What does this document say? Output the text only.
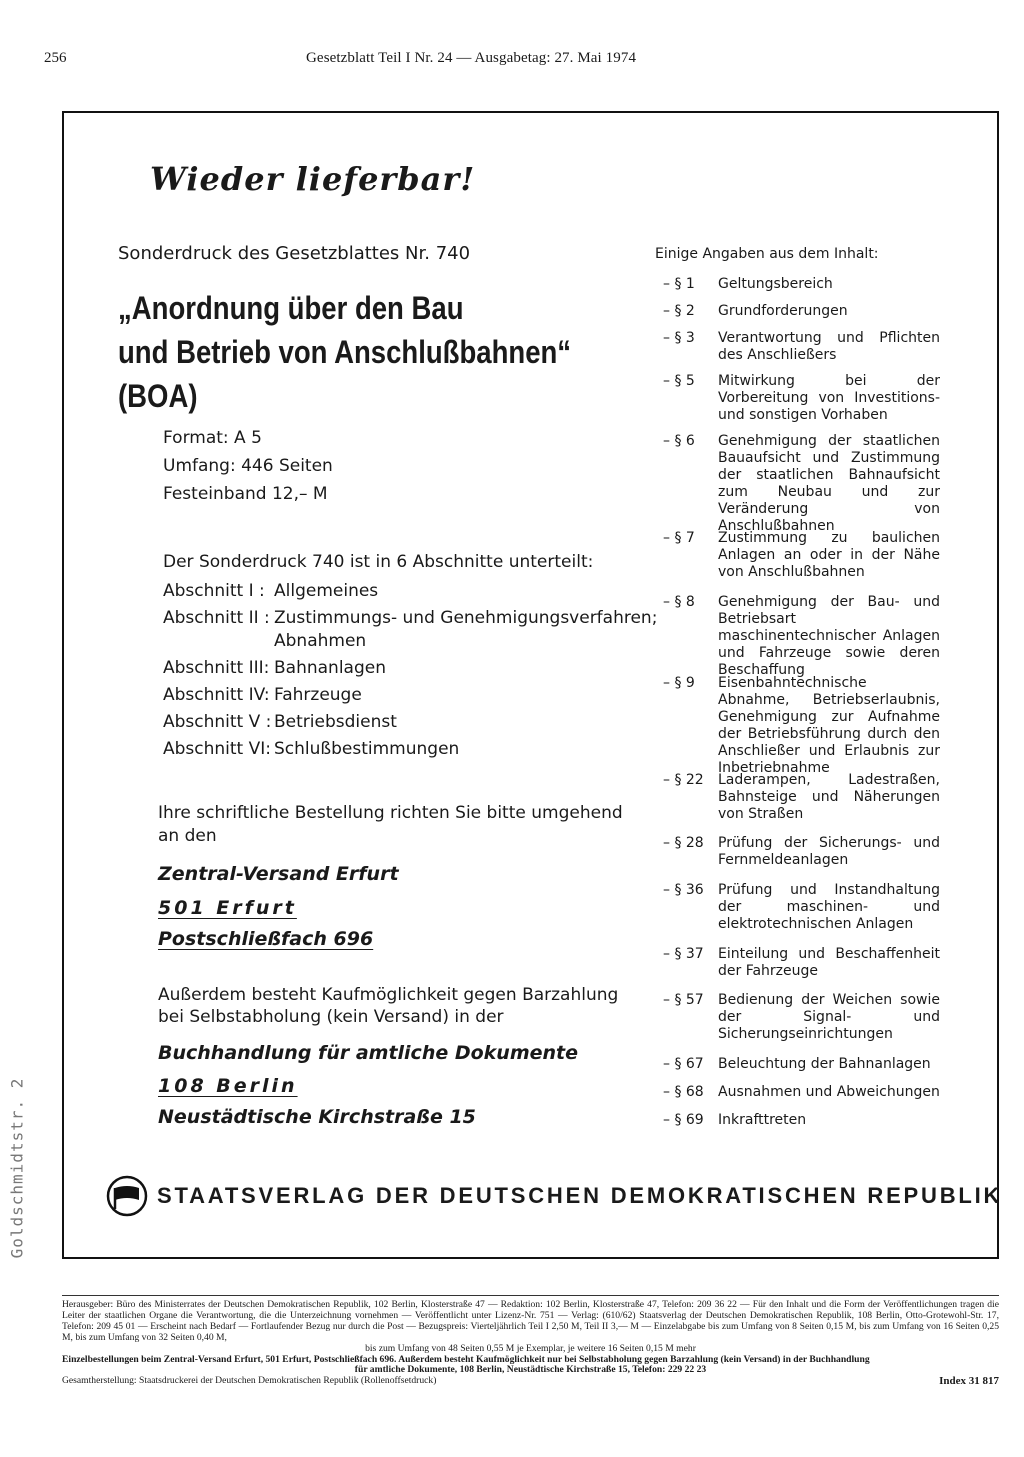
256	Gesetzblatt Teil I Nr. 24 — Ausgabetag: 27. Mai 1974
Wieder lieferbar!
Sonderdruck des Gesetzblattes Nr. 740
„Anordnung über den Bau
und Betrieb von Anschlußbahnen“
(BOA)
Format: A 5
Umfang: 446 Seiten
Festeinband 12,– M
Der Sonderdruck 740 ist in 6 Abschnitte unterteilt:
Abschnitt I : Allgemeines
Abschnitt II : Zustimmungs- und Genehmigungsverfahren;
Abnahmen
Abschnitt III: Bahnanlagen
Abschnitt IV: Fahrzeuge
Abschnitt V : Betriebsdienst
Abschnitt VI: Schlußbestimmungen
Ihre schriftliche Bestellung richten Sie bitte umgehend
an den
Zentral-Versand Erfurt
501 Erfurt
Postschließfach 696
Außerdem besteht Kaufmöglichkeit gegen Barzahlung
bei Selbstabholung (kein Versand) in der
Buchhandlung für amtliche Dokumente
108 Berlin
Neustädtische Kirchstraße 15
Einige Angaben aus dem Inhalt:
– § 1	Geltungsbereich
– § 2	Grundforderungen
– § 3	Verantwortung und Pflichten des Anschließers
– § 5	Mitwirkung bei der Vorbereitung von Investitions- und sonstigen Vorhaben
– § 6	Genehmigung der staatlichen Bauaufsicht und Zustimmung der staatlichen Bahnaufsicht zum Neubau und zur Veränderung von Anschlußbahnen
– § 7	Zustimmung zu baulichen Anlagen an oder in der Nähe von Anschlußbahnen
– § 8	Genehmigung der Bau- und Betriebsart maschinentechnischer Anlagen und Fahrzeuge sowie deren Beschaffung
– § 9	Eisenbahntechnische Abnahme, Betriebserlaubnis, Genehmigung zur Aufnahme der Betriebsführung durch den Anschließer und Erlaubnis zur Inbetriebnahme
– § 22	Laderampen, Ladestraßen, Bahnsteige und Näherungen von Straßen
– § 28	Prüfung der Sicherungs- und Fernmeldeanlagen
– § 36	Prüfung und Instandhaltung der maschinen- und elektrotechnischen Anlagen
– § 37	Einteilung und Beschaffenheit der Fahrzeuge
– § 57	Bedienung der Weichen sowie der Signal- und Sicherungseinrichtungen
– § 67	Beleuchtung der Bahnanlagen
– § 68	Ausnahmen und Abweichungen
– § 69	Inkrafttreten
STAATSVERLAG DER DEUTSCHEN DEMOKRATISCHEN REPUBLIK

Herausgeber: Büro des Ministerrates der Deutschen Demokratischen Republik, 102 Berlin, Klosterstraße 47 — Redaktion: 102 Berlin, Klosterstraße 47, Telefon: 209 36 22 — Für den Inhalt und die Form der Veröffentlichungen tragen die Leiter der staatlichen Organe die Verantwortung, die die Unterzeichnung vornehmen — Veröffentlicht unter Lizenz-Nr. 751 — Verlag: (610/62) Staatsverlag der Deutschen Demokratischen Republik, 108 Berlin, Otto-Grotewohl-Str. 17, Telefon: 209 45 01 — Erscheint nach Bedarf — Fortlaufender Bezug nur durch die Post — Bezugspreis: Vierteljährlich Teil I 2,50 M, Teil II 3,— M — Einzelabgabe bis zum Umfang von 8 Seiten 0,15 M, bis zum Umfang von 16 Seiten 0,25 M, bis zum Umfang von 32 Seiten 0,40 M,

bis zum Umfang von 48 Seiten 0,55 M je Exemplar, je weitere 16 Seiten 0,15 M mehr

Einzelbestellungen beim Zentral-Versand Erfurt, 501 Erfurt, Postschließfach 696. Außerdem besteht Kaufmöglichkeit nur bei Selbstabholung gegen Barzahlung (kein Versand) in der Buchhandlung

für amtliche Dokumente, 108 Berlin, Neustädtische Kirchstraße 15, Telefon: 229 22 23

Gesamtherstellung: Staatsdruckerei der Deutschen Demokratischen Republik (Rollenoffsetdruck)	Index 31 817
Goldschmidtstr. 2
